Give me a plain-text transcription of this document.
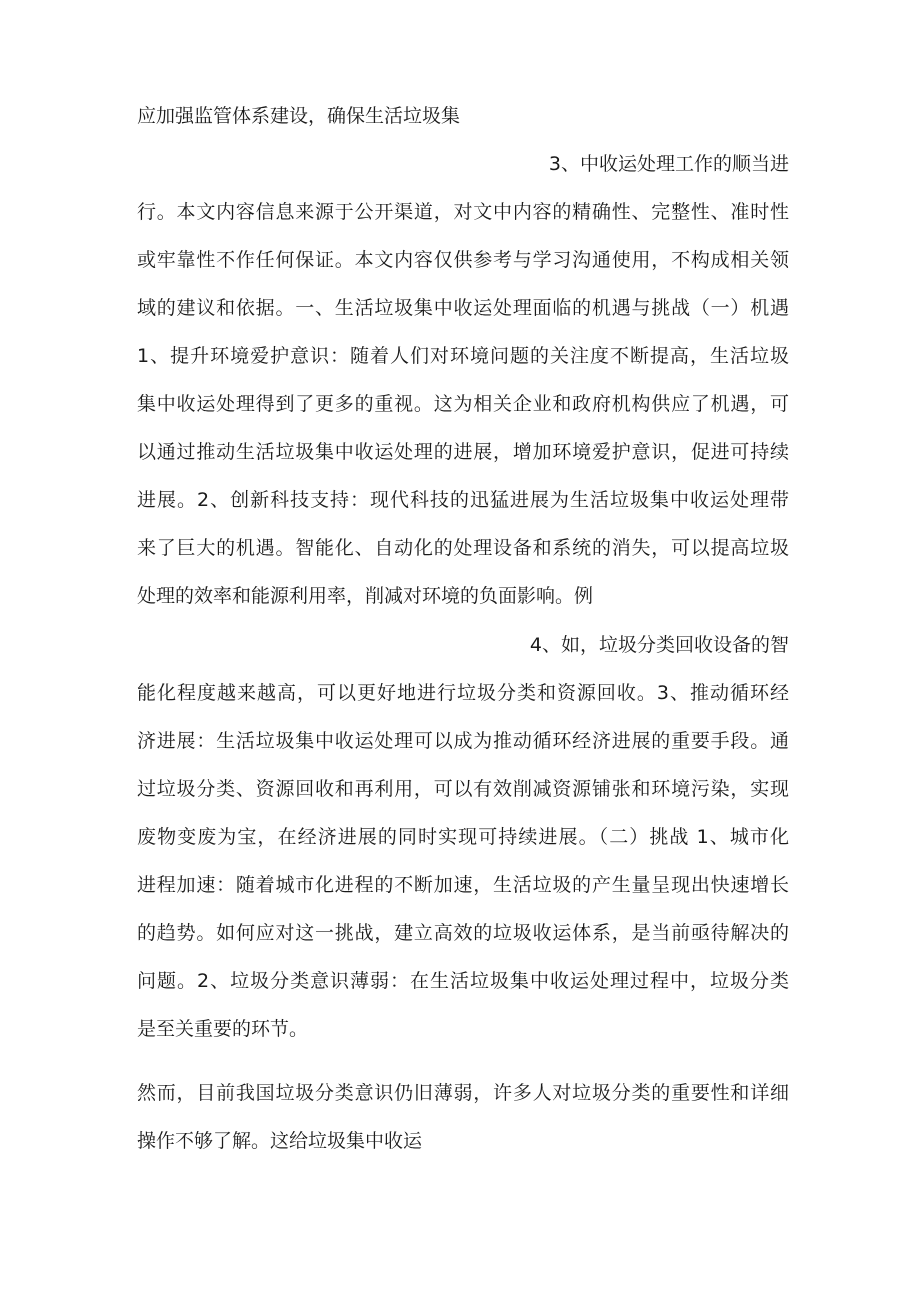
应加强监管体系建设，确保生活垃圾集
3、中收运处理工作的顺当进
行。本文内容信息来源于公开渠道，对文中内容的精确性、完整性、准时性
或牢靠性不作任何保证。本文内容仅供参考与学习沟通使用，不构成相关领
域的建议和依据。一、生活垃圾集中收运处理面临的机遇与挑战（一）机遇
1、提升环境爱护意识：随着人们对环境问题的关注度不断提高，生活垃圾
集中收运处理得到了更多的重视。这为相关企业和政府机构供应了机遇，可
以通过推动生活垃圾集中收运处理的进展，增加环境爱护意识，促进可持续
进展。2、创新科技支持：现代科技的迅猛进展为生活垃圾集中收运处理带
来了巨大的机遇。智能化、自动化的处理设备和系统的消失，可以提高垃圾
处理的效率和能源利用率，削减对环境的负面影响。例
4、如，垃圾分类回收设备的智
能化程度越来越高，可以更好地进行垃圾分类和资源回收。3、推动循环经
济进展：生活垃圾集中收运处理可以成为推动循环经济进展的重要手段。通
过垃圾分类、资源回收和再利用，可以有效削减资源铺张和环境污染，实现
废物变废为宝，在经济进展的同时实现可持续进展。（二）挑战 1、城市化
进程加速：随着城市化进程的不断加速，生活垃圾的产生量呈现出快速增长
的趋势。如何应对这一挑战，建立高效的垃圾收运体系，是当前亟待解决的
问题。2、垃圾分类意识薄弱：在生活垃圾集中收运处理过程中，垃圾分类
是至关重要的环节。
然而，目前我国垃圾分类意识仍旧薄弱，许多人对垃圾分类的重要性和详细
操作不够了解。这给垃圾集中收运
